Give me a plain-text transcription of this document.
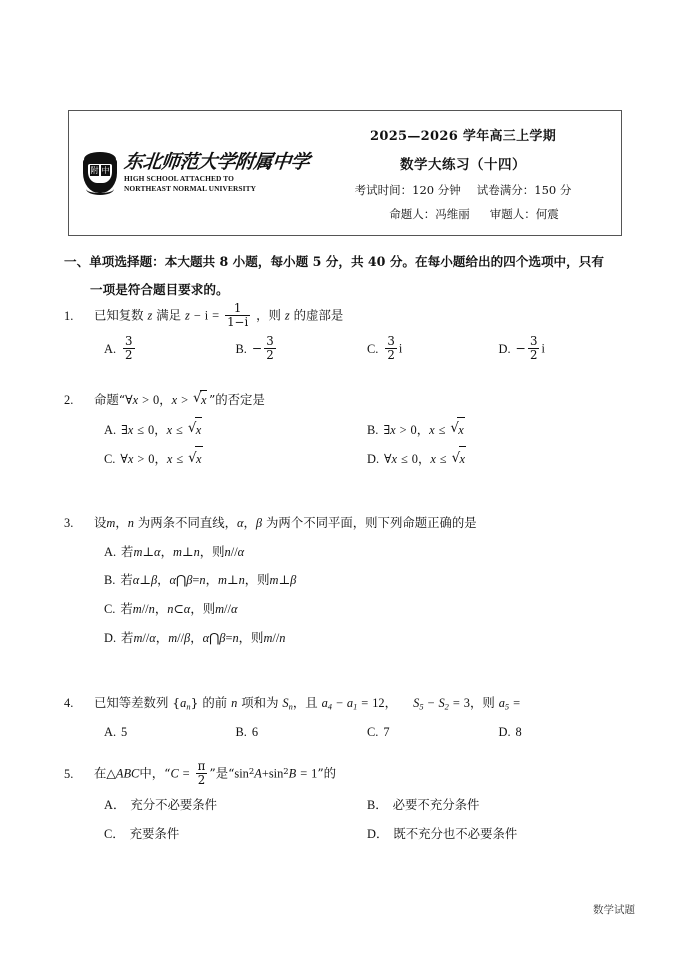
附 中 东北师范大学附属中学
HIGH SCHOOL ATTACHED TO
NORTHEAST NORMAL UNIVERSITY
2025—2026 学年高三上学期
数学大练习（十四）
考试时间：120 分钟 试卷满分：150 分
命题人：冯维丽 审题人：何震
一、单项选择题：本大题共 8 小题，每小题 5 分，共 40 分。在每小题给出的四个选项中，只有
一项是符合题目要求的。
1.	已知复数 z 满足 $z - i = \frac{1}{1-i}$ ，则 z 的虚部是
A. $\frac{3}{2}$	B. − $\frac{3}{2}$	C. $\frac{3}{2}$ i	D. − $\frac{3}{2}$ i
2.	命题“∀x > 0，x > √ x ”的否定是
A. ∃x ≤ 0，x ≤ √ x	B. ∃x > 0，x ≤ √ x
C. ∀x > 0，x ≤ √ x	D. ∀x ≤ 0，x ≤ √ x
3.	设m，n 为两条不同直线，α，β 为两个不同平面，则下列命题正确的是
A. 若m⊥α，m⊥n，则n//α
B. 若α⊥β，α⋂β=n，m⊥n，则m⊥β
C. 若m//n，n⊂α，则m//α
D. 若m//α，m//β，α⋂β=n，则m//n
4.	已知等差数列 $\{a_n\}$ 的前 n 项和为 $S_n$，且 $a_4 - a_1 = 12$， $S_5 - S_2 = 3$，则 $a_5$ =
A. 5	B. 6	C. 7	D. 8
5.	在△ABC中，“$C = \frac{\pi}{2}$ ”是“$\sin^2A+\sin^2B = 1$”的
A． 充分不必要条件	B． 必要不充分条件
C． 充要条件	D． 既不充分也不必要条件
数学试题
